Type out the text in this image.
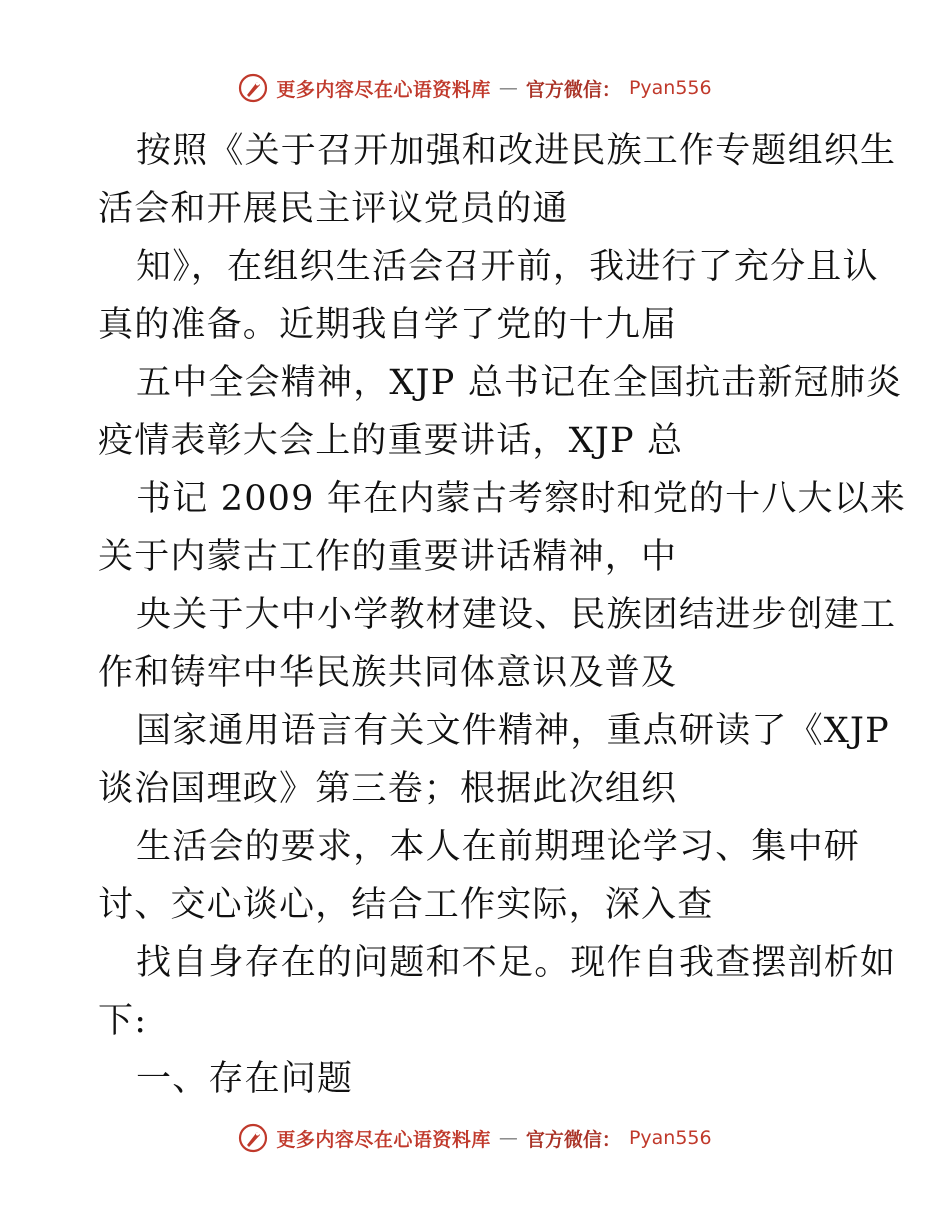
更多内容尽在心语资料库 — 官方微信： Pyan556
按照《关于召开加强和改进民族工作专题组织生
活会和开展民主评议党员的通
知》，在组织生活会召开前，我进行了充分且认
真的准备。近期我自学了党的十九届
五中全会精神，XJP 总书记在全国抗击新冠肺炎
疫情表彰大会上的重要讲话，XJP 总
书记 2009 年在内蒙古考察时和党的十八大以来
关于内蒙古工作的重要讲话精神，中
央关于大中小学教材建设、民族团结进步创建工
作和铸牢中华民族共同体意识及普及
国家通用语言有关文件精神，重点研读了《XJP
谈治国理政》第三卷；根据此次组织
生活会的要求，本人在前期理论学习、集中研
讨、交心谈心，结合工作实际，深入查
找自身存在的问题和不足。现作自我查摆剖析如
下:
一、存在问题
更多内容尽在心语资料库 — 官方微信： Pyan556
